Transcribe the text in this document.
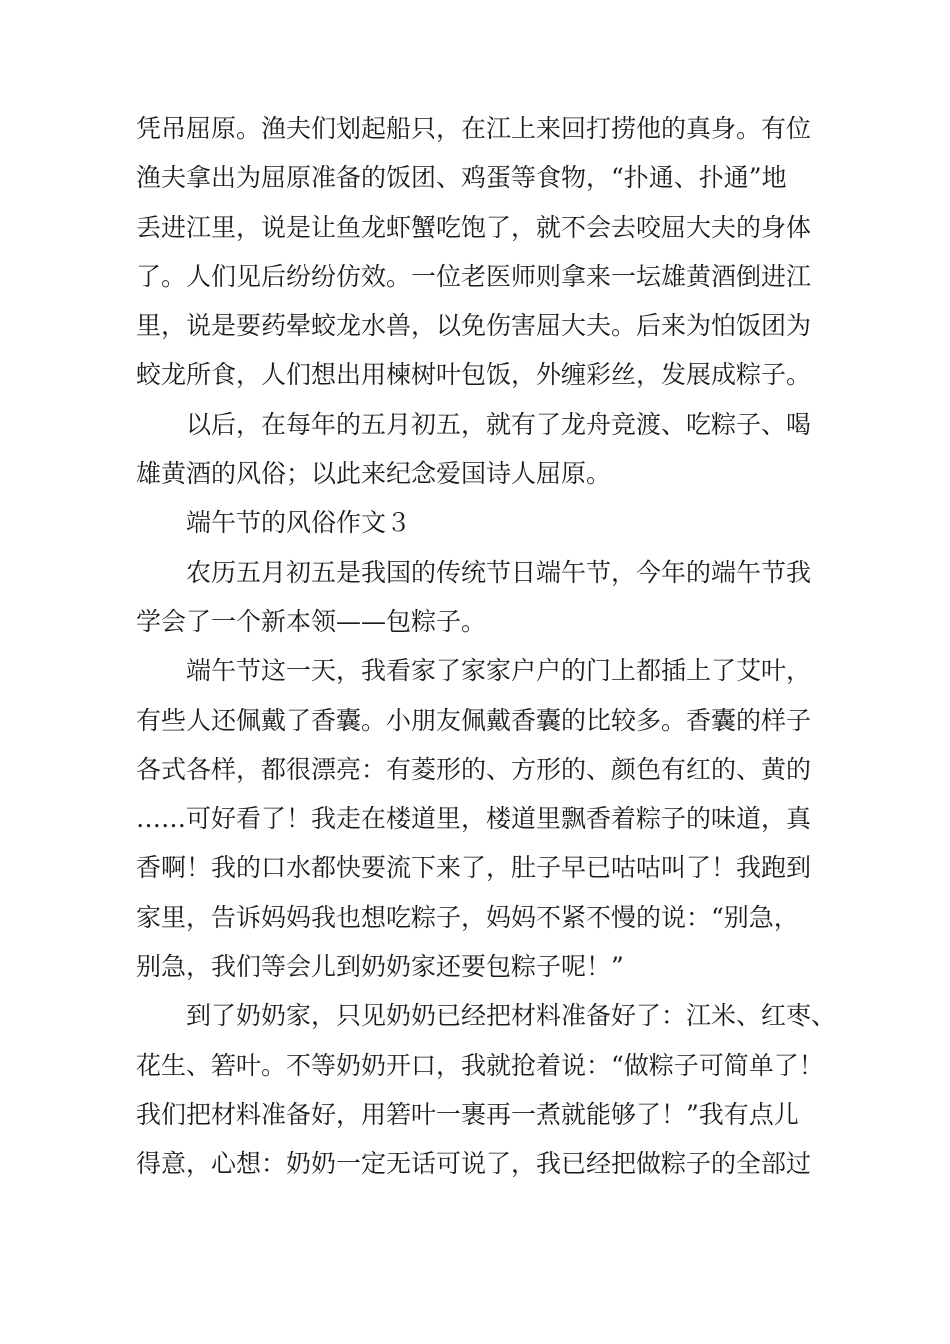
凭吊屈原。渔夫们划起船只，在江上来回打捞他的真身。有位
渔夫拿出为屈原准备的饭团、鸡蛋等食物，“扑通、扑通”地
丢进江里，说是让鱼龙虾蟹吃饱了，就不会去咬屈大夫的身体
了。人们见后纷纷仿效。一位老医师则拿来一坛雄黄酒倒进江
里，说是要药晕蛟龙水兽，以免伤害屈大夫。后来为怕饭团为
蛟龙所食，人们想出用楝树叶包饭，外缠彩丝，发展成粽子。
以后，在每年的五月初五，就有了龙舟竞渡、吃粽子、喝
雄黄酒的风俗；以此来纪念爱国诗人屈原。
端午节的风俗作文３
农历五月初五是我国的传统节日端午节，今年的端午节我
学会了一个新本领——包粽子。
端午节这一天，我看家了家家户户的门上都插上了艾叶，
有些人还佩戴了香囊。小朋友佩戴香囊的比较多。香囊的样子
各式各样，都很漂亮：有菱形的、方形的、颜色有红的、黄的
……可好看了！我走在楼道里，楼道里飘香着粽子的味道，真
香啊！我的口水都快要流下来了，肚子早已咕咕叫了！我跑到
家里，告诉妈妈我也想吃粽子，妈妈不紧不慢的说：“别急，
别急，我们等会儿到奶奶家还要包粽子呢！”
到了奶奶家，只见奶奶已经把材料准备好了：江米、红枣、
花生、箬叶。不等奶奶开口，我就抢着说：“做粽子可简单了！
我们把材料准备好，用箬叶一裹再一煮就能够了！”我有点儿
得意，心想：奶奶一定无话可说了，我已经把做粽子的全部过
